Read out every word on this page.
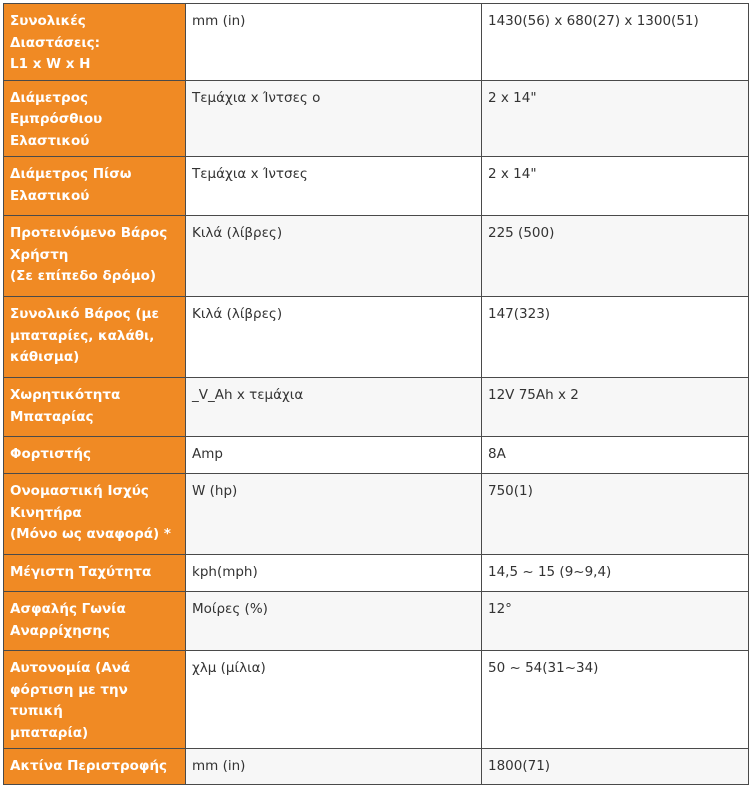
Συνολικές Διαστάσεις:
L1 x W x H	mm (in)	1430(56) x 680(27) x 1300(51)
Διάμετρος
Εμπρόσθιου Ελαστικού	Τεμάχια x Ίντσες ο	2 x 14"
Διάμετρος Πίσω
Ελαστικού	Τεμάχια x Ίντσες	2 x 14"
Προτεινόμενο Βάρος
Χρήστη
(Σε επίπεδο δρόμο)	Κιλά (λίβρες)	225 (500)
Συνολικό Βάρος (με
μπαταρίες, καλάθι,
κάθισμα)	Κιλά (λίβρες)	147(323)
Χωρητικότητα
Μπαταρίας	_V_Ah x τεμάχια	12V 75Ah x 2
Φορτιστής	Amp	8A
Ονομαστική Ισχύς
Κινητήρα
(Μόνο ως αναφορά) *	W (hp)	750(1)
Μέγιστη Ταχύτητα	kph(mph)	14,5 ~ 15 (9~9,4)
Ασφαλής Γωνία
Αναρρίχησης	Μοίρες (%)	12°
Αυτονομία (Ανά
φόρτιση με την τυπική
μπαταρία)	χλμ (μίλια)	50 ~ 54(31~34)
Ακτίνα Περιστροφής	mm (in)	1800(71)
